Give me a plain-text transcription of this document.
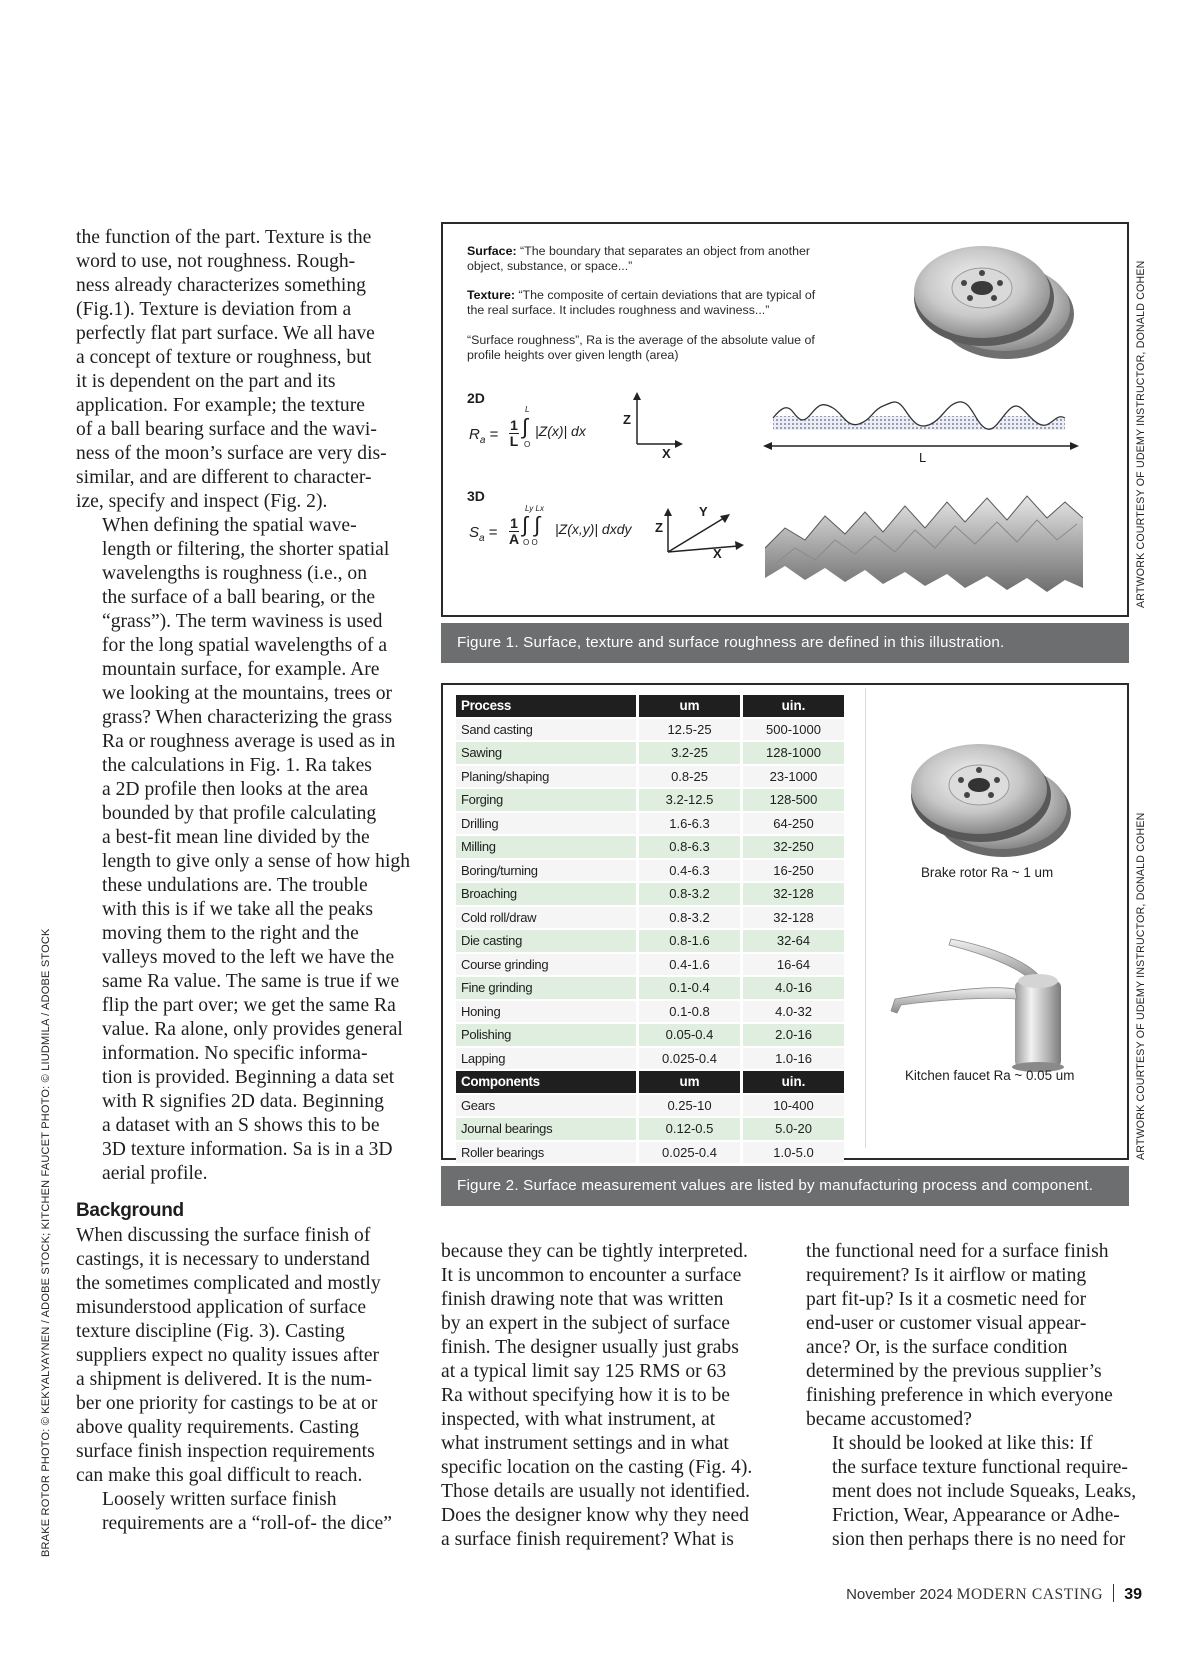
the function of the part. Texture is the
word to use, not roughness. Rough-
ness already characterizes something
(Fig.1). Texture is deviation from a
perfectly flat part surface. We all have
a concept of texture or roughness, but
it is dependent on the part and its
application. For example; the texture
of a ball bearing surface and the wavi-
ness of the moon’s surface are very dis-
similar, and are different to character-
ize, specify and inspect (Fig. 2).

When defining the spatial wave-
length or filtering, the shorter spatial
wavelengths is roughness (i.e., on
the surface of a ball bearing, or the
“grass”). The term waviness is used
for the long spatial wavelengths of a
mountain surface, for example. Are
we looking at the mountains, trees or
grass? When characterizing the grass
Ra or roughness average is used as in
the calculations in Fig. 1. Ra takes
a 2D profile then looks at the area
bounded by that profile calculating
a best-fit mean line divided by the
length to give only a sense of how high
these undulations are. The trouble
with this is if we take all the peaks
moving them to the right and the
valleys moved to the left we have the
same Ra value. The same is true if we
flip the part over; we get the same Ra
value. Ra alone, only provides general
information. No specific informa-
tion is provided. Beginning a data set
with R signifies 2D data. Beginning
a dataset with an S shows this to be
3D texture information. Sa is in a 3D
aerial profile.

Background

When discussing the surface finish of
castings, it is necessary to understand
the sometimes complicated and mostly
misunderstood application of surface
texture discipline (Fig. 3). Casting
suppliers expect no quality issues after
a shipment is delivered. It is the num-
ber one priority for castings to be at or
above quality requirements. Casting
surface finish inspection requirements
can make this goal difficult to reach.

Loosely written surface finish
requirements are a “roll-of- the dice”

because they can be tightly interpreted.
It is uncommon to encounter a surface
finish drawing note that was written
by an expert in the subject of surface
finish. The designer usually just grabs
at a typical limit say 125 RMS or 63
Ra without specifying how it is to be
inspected, with what instrument, at
what instrument settings and in what
specific location on the casting (Fig. 4).
Those details are usually not identified.
Does the designer know why they need
a surface finish requirement? What is

the functional need for a surface finish
requirement? Is it airflow or mating
part fit-up? Is it a cosmetic need for
end-user or customer visual appear-
ance? Or, is the surface condition
determined by the previous supplier’s
finishing preference in which everyone
became accustomed?

It should be looked at like this: If
the surface texture functional require-
ment does not include Squeaks, Leaks,
Friction, Wear, Appearance or Adhe-
sion then perhaps there is no need for

Surface: “The boundary that separates an object from another
object, substance, or space...”
Texture: “The composite of certain deviations that are typical of
the real surface. It includes roughness and waviness...”
“Surface roughness”, Ra is the average of the absolute value of
profile heights over given length (area)
2D
$R_a = \frac{1}{L}$
L
∫
O
|Z(x)| dx
Z
X	L
3D
$S_a = \frac{1}{A}$
Ly Lx
∫ ∫
O O
|Z(x,y)| dxdy Z
Y
X
Figure 1. Surface, texture and surface roughness are defined in this illustration.
ARTWORK COURTESY OF UDEMY INSTRUCTOR, DONALD COHEN
Process	um	uin.
Sand casting	12.5-25	500-1000
Sawing	3.2-25	128-1000
Planing/shaping	0.8-25	23-1000
Forging	3.2-12.5	128-500
Drilling	1.6-6.3	64-250
Milling	0.8-6.3	32-250
Boring/turning	0.4-6.3	16-250
Broaching	0.8-3.2	32-128
Cold roll/draw	0.8-3.2	32-128
Die casting	0.8-1.6	32-64
Course grinding	0.4-1.6	16-64
Fine grinding	0.1-0.4	4.0-16
Honing	0.1-0.8	4.0-32
Polishing	0.05-0.4	2.0-16
Lapping	0.025-0.4	1.0-16
Components	um	uin.
Gears	0.25-10	10-400
Journal bearings	0.12-0.5	5.0-20
Roller bearings	0.025-0.4	1.0-5.0
Brake rotor Ra ~ 1 um
Kitchen faucet Ra ~ 0.05 um
Figure 2. Surface measurement values are listed by manufacturing process and component.
ARTWORK COURTESY OF UDEMY INSTRUCTOR, DONALD COHEN
BRAKE ROTOR PHOTO: © KEKYALYAYNEN / ADOBE STOCK; KITCHEN FAUCET PHOTO: © LIUDMILA / ADOBE STOCK
November 2024 MODERN CASTING 39
